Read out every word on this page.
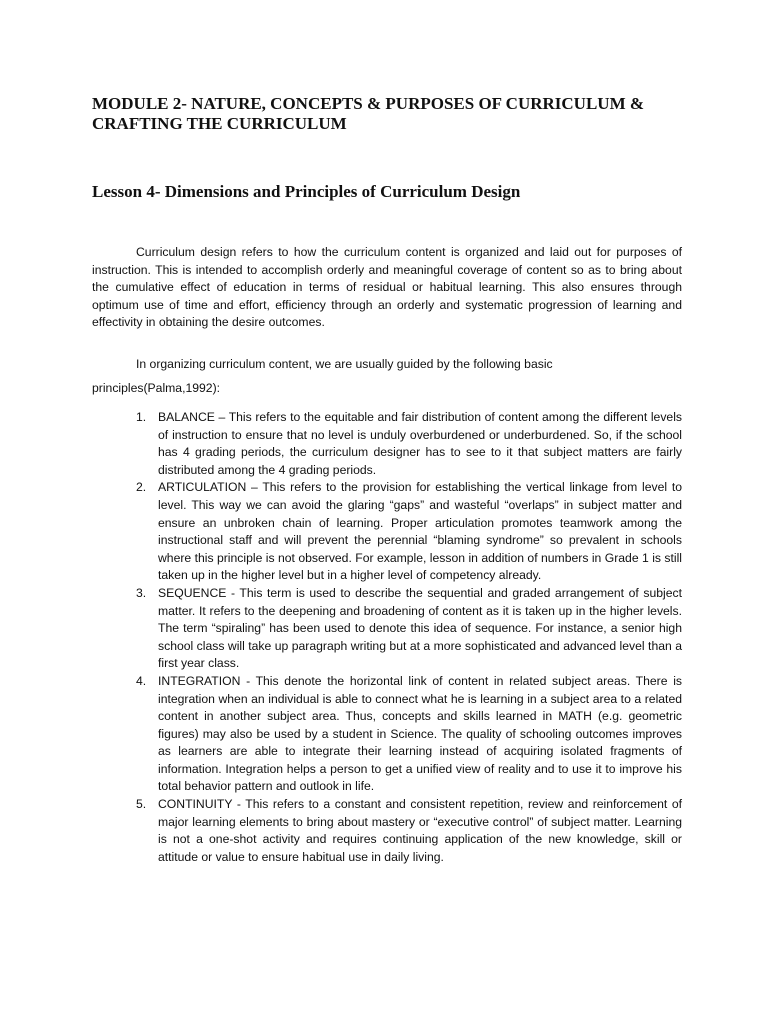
MODULE 2- NATURE, CONCEPTS & PURPOSES OF CURRICULUM & CRAFTING THE CURRICULUM
Lesson 4- Dimensions and Principles of Curriculum Design

Curriculum design refers to how the curriculum content is organized and laid out for purposes of instruction. This is intended to accomplish orderly and meaningful coverage of content so as to bring about the cumulative effect of education in terms of residual or habitual learning. This also ensures through optimum use of time and effort, efficiency through an orderly and systematic progression of learning and effectivity in obtaining the desire outcomes.

In organizing curriculum content, we are usually guided by the following basic
principles(Palma,1992):

1. BALANCE – This refers to the equitable and fair distribution of content among the different levels of instruction to ensure that no level is unduly overburdened or underburdened. So, if the school has 4 grading periods, the curriculum designer has to see to it that subject matters are fairly distributed among the 4 grading periods.
2. ARTICULATION – This refers to the provision for establishing the vertical linkage from level to level. This way we can avoid the glaring “gaps” and wasteful “overlaps” in subject matter and ensure an unbroken chain of learning. Proper articulation promotes teamwork among the instructional staff and will prevent the perennial “blaming syndrome” so prevalent in schools where this principle is not observed. For example, lesson in addition of numbers in Grade 1 is still taken up in the higher level but in a higher level of competency already.
3. SEQUENCE - This term is used to describe the sequential and graded arrangement of subject matter. It refers to the deepening and broadening of content as it is taken up in the higher levels. The term “spiraling” has been used to denote this idea of sequence. For instance, a senior high school class will take up paragraph writing but at a more sophisticated and advanced level than a first year class.
4. INTEGRATION - This denote the horizontal link of content in related subject areas. There is integration when an individual is able to connect what he is learning in a subject area to a related content in another subject area. Thus, concepts and skills learned in MATH (e.g. geometric figures) may also be used by a student in Science. The quality of schooling outcomes improves as learners are able to integrate their learning instead of acquiring isolated fragments of information. Integration helps a person to get a unified view of reality and to use it to improve his total behavior pattern and outlook in life.
5. CONTINUITY - This refers to a constant and consistent repetition, review and reinforcement of major learning elements to bring about mastery or “executive control” of subject matter. Learning is not a one-shot activity and requires continuing application of the new knowledge, skill or attitude or value to ensure habitual use in daily living.
